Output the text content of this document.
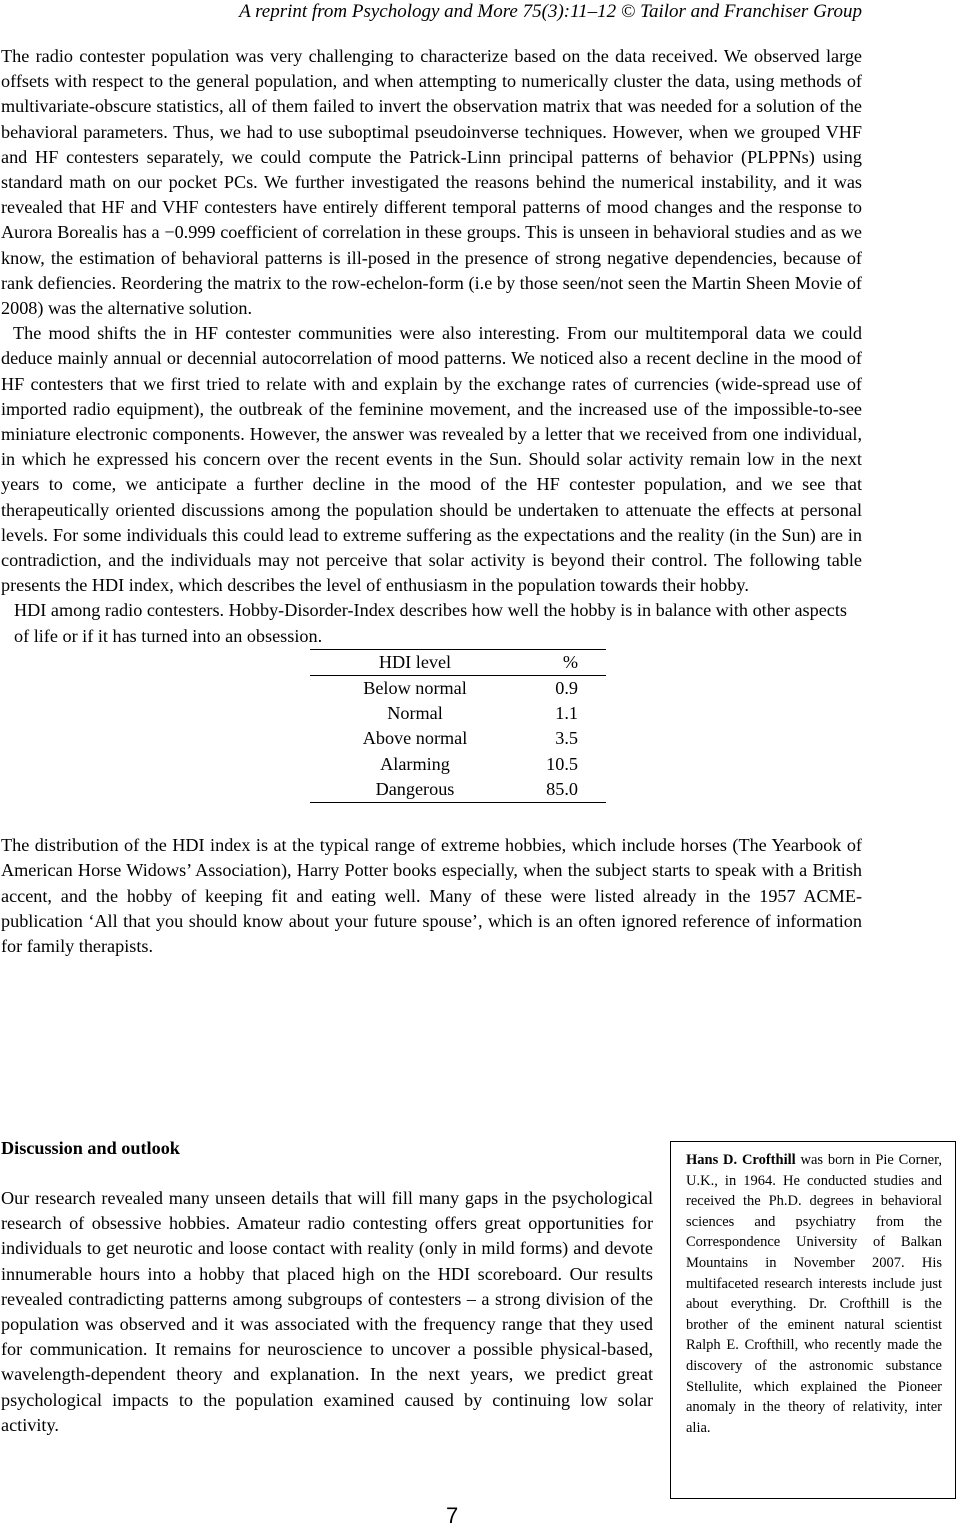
A reprint from Psychology and More 75(3):11–12 © Tailor and Franchiser Group

The radio contester population was very challenging to characterize based on the data received. We observed large offsets with respect to the general population, and when attempting to numerically cluster the data, using methods of multivariate-obscure statistics, all of them failed to invert the observation matrix that was needed for a solution of the behavioral parameters. Thus, we had to use suboptimal pseudoinverse techniques. However, when we grouped VHF and HF contesters separately, we could compute the Patrick-Linn principal patterns of behavior (PLPPNs) using standard math on our pocket PCs. We further investigated the reasons behind the numerical instability, and it was revealed that HF and VHF contesters have entirely different temporal patterns of mood changes and the response to Aurora Borealis has a −0.999 coefficient of correlation in these groups. This is unseen in behavioral studies and as we know, the estimation of behavioral patterns is ill-posed in the presence of strong negative dependencies, because of rank defiencies. Reordering the matrix to the row-echelon-form (i.e by those seen/not seen the Martin Sheen Movie of 2008) was the alternative solution.

The mood shifts the in HF contester communities were also interesting. From our multitemporal data we could deduce mainly annual or decennial autocorrelation of mood patterns. We noticed also a recent decline in the mood of HF contesters that we first tried to relate with and explain by the exchange rates of currencies (wide-spread use of imported radio equipment), the outbreak of the feminine movement, and the increased use of the impossible-to-see miniature electronic components. However, the answer was revealed by a letter that we received from one individual, in which he expressed his concern over the recent events in the Sun. Should solar activity remain low in the next years to come, we anticipate a further decline in the mood of the HF contester population, and we see that therapeutically oriented discussions among the population should be undertaken to attenuate the effects at personal levels. For some individuals this could lead to extreme suffering as the expectations and the reality (in the Sun) are in contradiction, and the individuals may not perceive that solar activity is beyond their control. The following table presents the HDI index, which describes the level of enthusiasm in the population towards their hobby.

HDI among radio contesters. Hobby-Disorder-Index describes how well the hobby is in balance with other aspects of life or if it has turned into an obsession.

HDI level	%
Below normal	0.9
Normal	1.1
Above normal	3.5
Alarming	10.5
Dangerous	85.0

The distribution of the HDI index is at the typical range of extreme hobbies, which include horses (The Yearbook of American Horse Widows’ Association), Harry Potter books especially, when the subject starts to speak with a British accent, and the hobby of keeping fit and eating well. Many of these were listed already in the 1957 ACME-publication ‘All that you should know about your future spouse’, which is an often ignored reference of information for family therapists.

Discussion and outlook

Our research revealed many unseen details that will fill many gaps in the psychological research of obsessive hobbies. Amateur radio contesting offers great opportunities for individuals to get neurotic and loose contact with reality (only in mild forms) and devote innumerable hours into a hobby that placed high on the HDI scoreboard. Our results revealed contradicting patterns among subgroups of contesters – a strong division of the population was observed and it was associated with the frequency range that they used for communication. It remains for neuroscience to uncover a possible physical-based, wavelength-dependent theory and explanation. In the next years, we predict great psychological impacts to the population examined caused by continuing low solar activity.

Hans D. Crofthill was born in Pie Corner, U.K., in 1964. He conducted studies and received the Ph.D. degrees in behavioral sciences and psychiatry from the Correspondence University of Balkan Mountains in November 2007. His multifaceted research interests include just about everything. Dr. Crofthill is the brother of the eminent natural scientist Ralph E. Crofthill, who recently made the discovery of the astronomic substance Stellulite, which explained the Pioneer anomaly in the theory of relativity, inter alia.

7
